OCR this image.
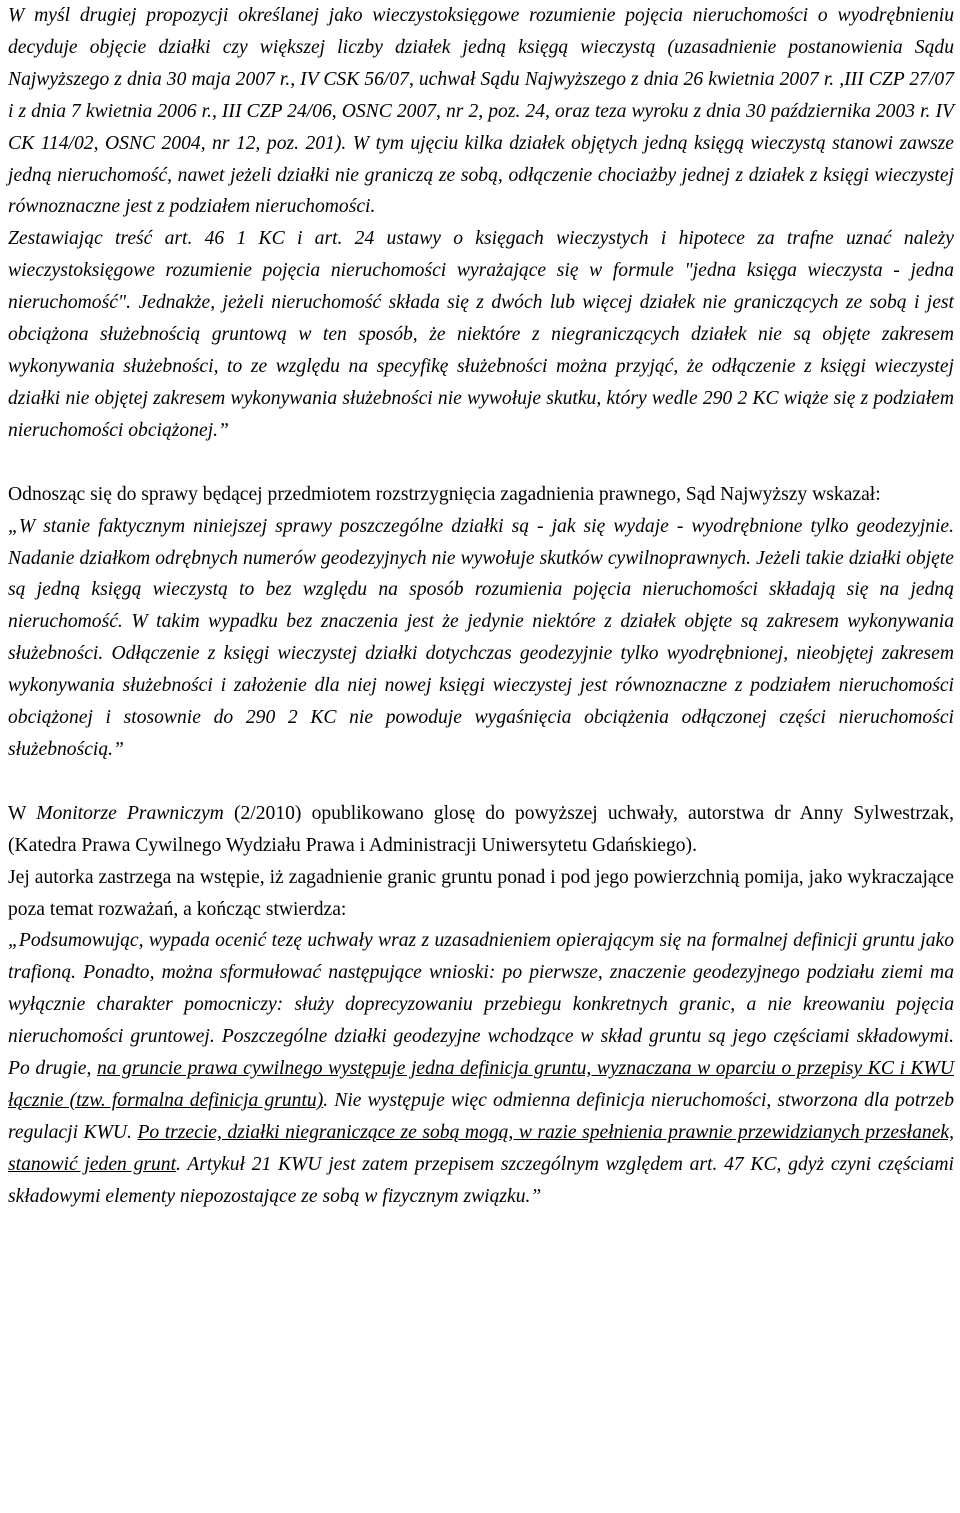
W myśl drugiej propozycji określanej jako wieczystoksięgowe rozumienie pojęcia nieruchomości o wyodrębnieniu decyduje objęcie działki czy większej liczby działek jedną księgą wieczystą (uzasadnienie postanowienia Sądu Najwyższego z dnia 30 maja 2007 r., IV CSK 56/07, uchwał Sądu Najwyższego z dnia 26 kwietnia 2007 r. ,III CZP 27/07 i z dnia 7 kwietnia 2006 r., III CZP 24/06, OSNC 2007, nr 2, poz. 24, oraz teza wyroku z dnia 30 października 2003 r. IV CK 114/02, OSNC 2004, nr 12, poz. 201). W tym ujęciu kilka działek objętych jedną księgą wieczystą stanowi zawsze jedną nieruchomość, nawet jeżeli działki nie graniczą ze sobą, odłączenie chociażby jednej z działek z księgi wieczystej równoznaczne jest z podziałem nieruchomości.

Zestawiając treść art. 46 1 KC i art. 24 ustawy o księgach wieczystych i hipotece za trafne uznać należy wieczystoksięgowe rozumienie pojęcia nieruchomości wyrażające się w formule "jedna księga wieczysta - jedna nieruchomość". Jednakże, jeżeli nieruchomość składa się z dwóch lub więcej działek nie graniczących ze sobą i jest obciążona służebnością gruntową w ten sposób, że niektóre z niegraniczących działek nie są objęte zakresem wykonywania służebności, to ze względu na specyfikę służebności można przyjąć, że odłączenie z księgi wieczystej działki nie objętej zakresem wykonywania służebności nie wywołuje skutku, który wedle 290 2 KC wiąże się z podziałem nieruchomości obciążonej.”

Odnosząc się do sprawy będącej przedmiotem rozstrzygnięcia zagadnienia prawnego, Sąd Najwyższy wskazał:

„W stanie faktycznym niniejszej sprawy poszczególne działki są - jak się wydaje - wyodrębnione tylko geodezyjnie. Nadanie działkom odrębnych numerów geodezyjnych nie wywołuje skutków cywilnoprawnych. Jeżeli takie działki objęte są jedną księgą wieczystą to bez względu na sposób rozumienia pojęcia nieruchomości składają się na jedną nieruchomość. W takim wypadku bez znaczenia jest że jedynie niektóre z działek objęte są zakresem wykonywania służebności. Odłączenie z księgi wieczystej działki dotychczas geodezyjnie tylko wyodrębnionej, nieobjętej zakresem wykonywania służebności i założenie dla niej nowej księgi wieczystej jest równoznaczne z podziałem nieruchomości obciążonej i stosownie do 290 2 KC nie powoduje wygaśnięcia obciążenia odłączonej części nieruchomości służebnością.”

W Monitorze Prawniczym (2/2010) opublikowano glosę do powyższej uchwały, autorstwa dr Anny Sylwestrzak, (Katedra Prawa Cywilnego Wydziału Prawa i Administracji Uniwersytetu Gdańskiego).

Jej autorka zastrzega na wstępie, iż zagadnienie granic gruntu ponad i pod jego powierzchnią pomija, jako wykraczające poza temat rozważań, a kończąc stwierdza:

„Podsumowując, wypada ocenić tezę uchwały wraz z uzasadnieniem opierającym się na formalnej definicji gruntu jako trafioną. Ponadto, można sformułować następujące wnioski: po pierwsze, znaczenie geodezyjnego podziału ziemi ma wyłącznie charakter pomocniczy: służy doprecyzowaniu przebiegu konkretnych granic, a nie kreowaniu pojęcia nieruchomości gruntowej. Poszczególne działki geodezyjne wchodzące w skład gruntu są jego częściami składowymi. Po drugie, na gruncie prawa cywilnego występuje jedna definicja gruntu, wyznaczana w oparciu o przepisy KC i KWU łącznie (tzw. formalna definicja gruntu). Nie występuje więc odmienna definicja nieruchomości, stworzona dla potrzeb regulacji KWU. Po trzecie, działki niegraniczące ze sobą mogą, w razie spełnienia prawnie przewidzianych przesłanek, stanowić jeden grunt. Artykuł 21 KWU jest zatem przepisem szczególnym względem art. 47 KC, gdyż czyni częściami składowymi elementy niepozostające ze sobą w fizycznym związku.”
